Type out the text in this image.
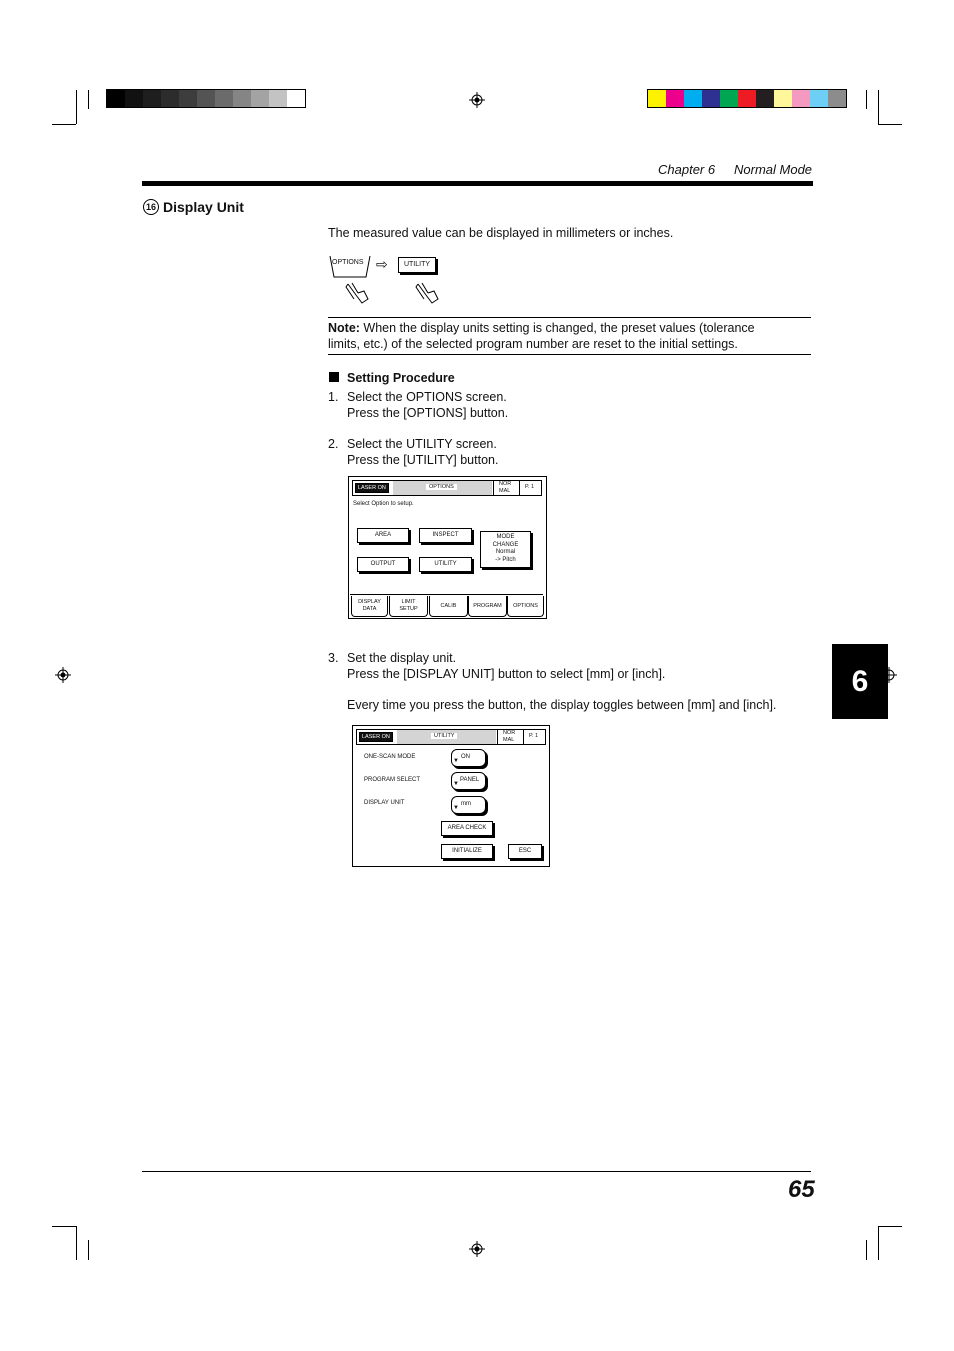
Chapter 6 Normal Mode
16 Display Unit
The measured value can be displayed in millimeters or inches.
OPTIONS ⇨	UTILITY
Note: When the display units setting is changed, the preset values (tolerance
limits, etc.) of the selected program number are reset to the initial settings.
Setting Procedure
1. Select the OPTIONS screen.
Press the [OPTIONS] button.
2. Select the UTILITY screen.
Press the [UTILITY] button.
LASER ON	OPTIONS	NOR
MAL
P. 1
Select Option to setup.
AREA	INSPECT
OUTPUT	UTILITY
MODE
CHANGE
Normal
-> Pitch
DISPLAY
DATA
LIMIT
SETUP
CALIB	PROGRAM OPTIONS
3. Set the display unit.
Press the [DISPLAY UNIT] button to select [mm] or [inch].
Every time you press the button, the display toggles between [mm] and [inch].
LASER ON	UTILITY	NOR
MAL
P. 1
ONE-SCAN MODE	ON
▼
PROGRAM SELECT	PANEL
▼
DISPLAY UNIT	mm
▼
AREA CHECK
INITIALIZE	ESC
6
65
